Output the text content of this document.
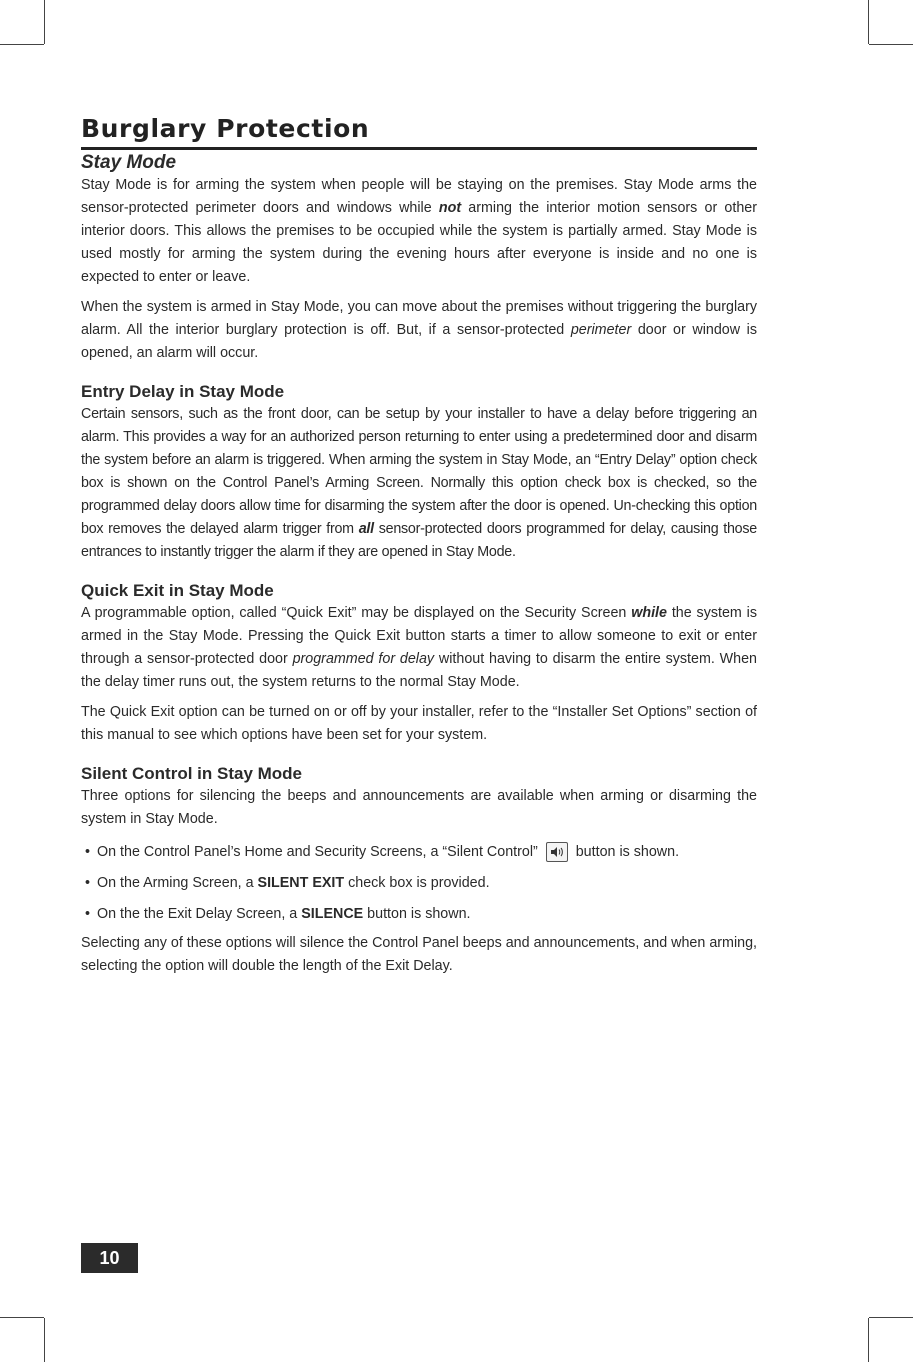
Burglary Protection
Stay Mode

Stay Mode is for arming the system when people will be staying on the premises. Stay Mode arms the sensor-protected perimeter doors and windows while not arming the interior motion sensors or other interior doors. This allows the premises to be occupied while the system is partially armed. Stay Mode is used mostly for arming the system during the evening hours after everyone is inside and no one is expected to enter or leave.

When the system is armed in Stay Mode, you can move about the premises without triggering the burglary alarm. All the interior burglary protection is off. But, if a sensor-protected perimeter door or window is opened, an alarm will occur.

Entry Delay in Stay Mode

Certain sensors, such as the front door, can be setup by your installer to have a delay before triggering an alarm. This provides a way for an authorized person returning to enter using a predetermined door and disarm the system before an alarm is triggered. When arming the system in Stay Mode, an “Entry Delay” option check box is shown on the Control Panel’s Arming Screen. Normally this option check box is checked, so the programmed delay doors allow time for disarming the system after the door is opened. Un-checking this option box removes the delayed alarm trigger from all sensor-protected doors programmed for delay, causing those entrances to instantly trigger the alarm if they are opened in Stay Mode.

Quick Exit in Stay Mode

A programmable option, called “Quick Exit” may be displayed on the Security Screen while the system is armed in the Stay Mode. Pressing the Quick Exit button starts a timer to allow someone to exit or enter through a sensor-protected door programmed for delay without having to disarm the entire system. When the delay timer runs out, the system returns to the normal Stay Mode.

The Quick Exit option can be turned on or off by your installer, refer to the “Installer Set Options” section of this manual to see which options have been set for your system.

Silent Control in Stay Mode

Three options for silencing the beeps and announcements are available when arming or disarming the system in Stay Mode.

• On the Control Panel’s Home and Security Screens, a “Silent Control”
button is shown.
• On the Arming Screen, a SILENT EXIT check box is provided.
• On the the Exit Delay Screen, a SILENCE button is shown.

Selecting any of these options will silence the Control Panel beeps and announcements, and when arming, selecting the option will double the length of the Exit Delay.

10
